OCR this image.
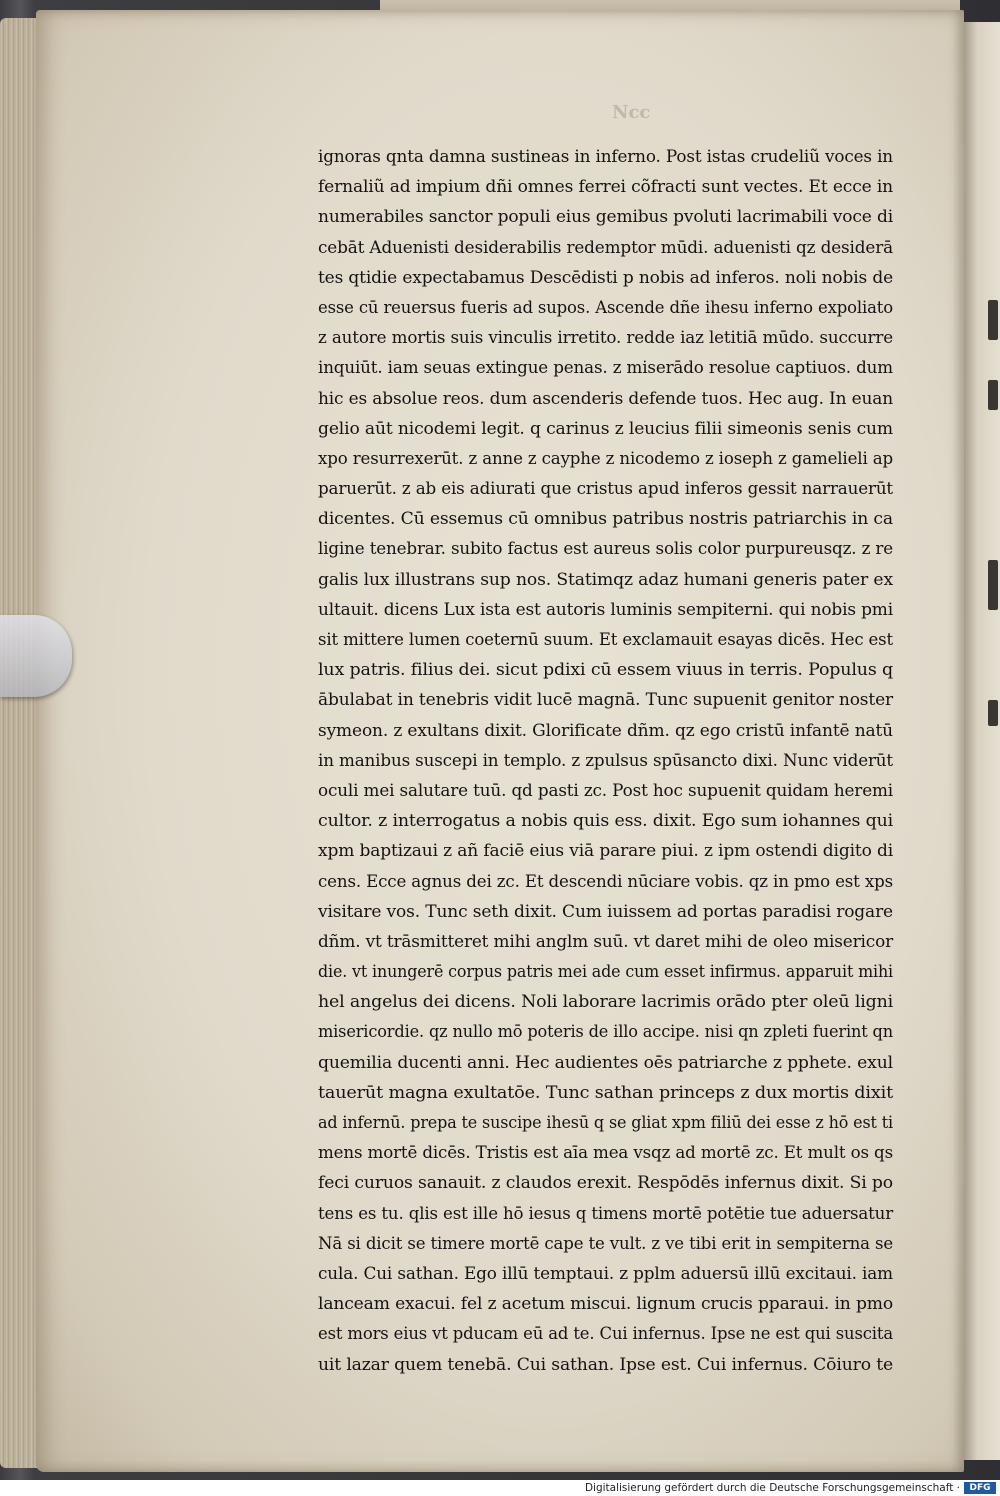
Ncc
ignoras qnta damna sustineas in inferno. Post istas crudeliũ voces in
fernaliũ ad impium dñi omnes ferrei cõfracti sunt vectes. Et ecce in
numerabiles sanctor populi eius gemibus pvoluti lacrimabili voce di
cebāt Aduenisti desiderabilis redemptor mūdi. aduenisti qz desiderā
tes qtidie expectabamus Descēdisti p nobis ad inferos. noli nobis de
esse cū reuersus fueris ad supos. Ascende dñe ihesu inferno expoliato
z autore mortis suis vinculis irretito. redde iaz letitiā mūdo. succurre
inquiūt. iam seuas extingue penas. z miserādo resolue captiuos. dum
hic es absolue reos. dum ascenderis defende tuos. Hec aug. In euan
gelio aūt nicodemi legit. q carinus z leucius filii simeonis senis cum
xpo resurrexerūt. z anne z cayphe z nicodemo z ioseph z gamelieli ap
paruerūt. z ab eis adiurati que cristus apud inferos gessit narrauerūt
dicentes. Cū essemus cū omnibus patribus nostris patriarchis in ca
ligine tenebrar. subito factus est aureus solis color purpureusqz. z re
galis lux illustrans sup nos. Statimqz adaz humani generis pater ex
ultauit. dicens Lux ista est autoris luminis sempiterni. qui nobis pmi
sit mittere lumen coeternū suum. Et exclamauit esayas dicēs. Hec est
lux patris. filius dei. sicut pdixi cū essem viuus in terris. Populus q
ābulabat in tenebris vidit lucē magnā. Tunc supuenit genitor noster
symeon. z exultans dixit. Glorificate dñm. qz ego cristū infantē natū
in manibus suscepi in templo. z zpulsus spūsancto dixi. Nunc viderūt
oculi mei salutare tuū. qd pasti zc. Post hoc supuenit quidam heremi
cultor. z interrogatus a nobis quis ess. dixit. Ego sum iohannes qui
xpm baptizaui z añ faciē eius viā parare piui. z ipm ostendi digito di
cens. Ecce agnus dei zc. Et descendi nūciare vobis. qz in pmo est xps
visitare vos. Tunc seth dixit. Cum iuissem ad portas paradisi rogare
dñm. vt trāsmitteret mihi anglm suū. vt daret mihi de oleo misericor
die. vt inungerē corpus patris mei ade cum esset infirmus. apparuit mihi
hel angelus dei dicens. Noli laborare lacrimis orādo pter oleū ligni
misericordie. qz nullo mō poteris de illo accipe. nisi qn zpleti fuerint qn
quemilia ducenti anni. Hec audientes oēs patriarche z pphete. exul
tauerūt magna exultatōe. Tunc sathan princeps z dux mortis dixit
ad infernū. prepa te suscipe ihesū q se gliat xpm filiū dei esse z hō est ti
mens mortē dicēs. Tristis est aīa mea vsqz ad mortē zc. Et mult os qs
feci curuos sanauit. z claudos erexit. Respōdēs infernus dixit. Si po
tens es tu. qlis est ille hō iesus q timens mortē potētie tue aduersatur
Nā si dicit se timere mortē cape te vult. z ve tibi erit in sempiterna se
cula. Cui sathan. Ego illū temptaui. z pplm aduersū illū excitaui. iam
lanceam exacui. fel z acetum miscui. lignum crucis pparaui. in pmo
est mors eius vt pducam eū ad te. Cui infernus. Ipse ne est qui suscita
uit lazar quem tenebā. Cui sathan. Ipse est. Cui infernus. Cōiuro te
Digitalisierung gefördert durch die Deutsche Forschungsgemeinschaft ·	DFG
